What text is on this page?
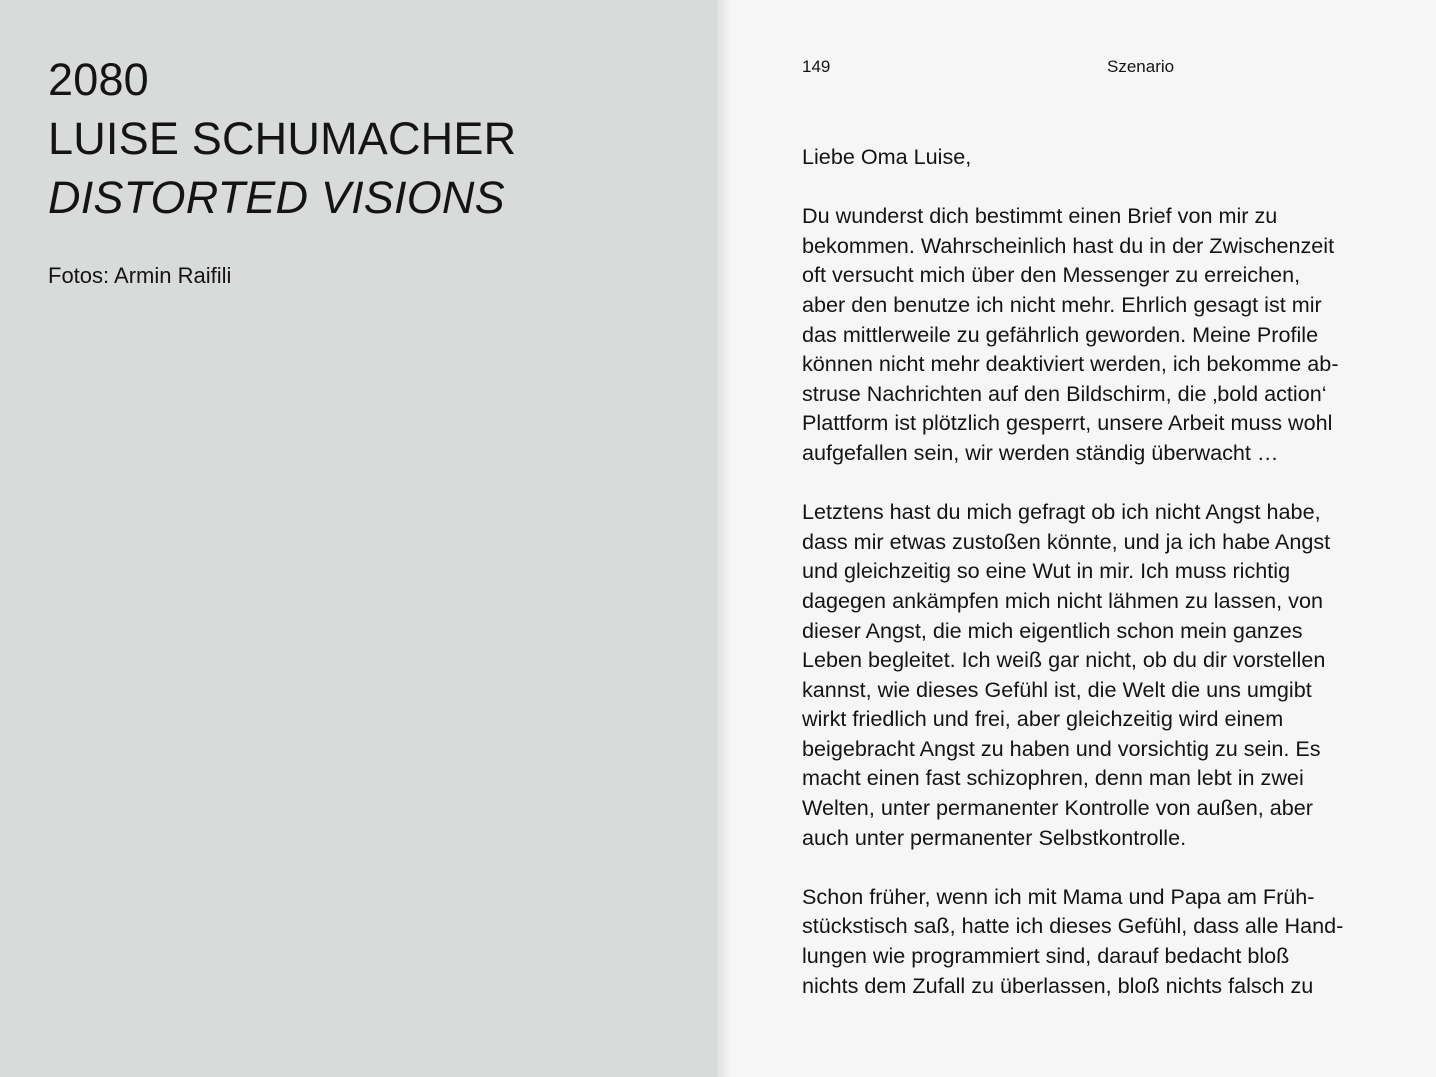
2080
LUISE SCHUMACHER
DISTORTED VISIONS
Fotos: Armin Raifili
149	Szenario
Liebe Oma Luise,
Du wunderst dich bestimmt einen Brief von mir zu
bekommen. Wahrscheinlich hast du in der Zwischenzeit
oft versucht mich über den Messenger zu erreichen,
aber den benutze ich nicht mehr. Ehrlich gesagt ist mir
das mittlerweile zu gefährlich geworden. Meine Profile
können nicht mehr deaktiviert werden, ich bekomme ab-
struse Nachrichten auf den Bildschirm, die ‚bold action‘
Plattform ist plötzlich gesperrt, unsere Arbeit muss wohl
aufgefallen sein, wir werden ständig überwacht …
Letztens hast du mich gefragt ob ich nicht Angst habe,
dass mir etwas zustoßen könnte, und ja ich habe Angst
und gleichzeitig so eine Wut in mir. Ich muss richtig
dagegen ankämpfen mich nicht lähmen zu lassen, von
dieser Angst, die mich eigentlich schon mein ganzes
Leben begleitet. Ich weiß gar nicht, ob du dir vorstellen
kannst, wie dieses Gefühl ist, die Welt die uns umgibt
wirkt friedlich und frei, aber gleichzeitig wird einem
beigebracht Angst zu haben und vorsichtig zu sein. Es
macht einen fast schizophren, denn man lebt in zwei
Welten, unter permanenter Kontrolle von außen, aber
auch unter permanenter Selbstkontrolle.
Schon früher, wenn ich mit Mama und Papa am Früh-
stückstisch saß, hatte ich dieses Gefühl, dass alle Hand-
lungen wie programmiert sind, darauf bedacht bloß
nichts dem Zufall zu überlassen, bloß nichts falsch zu
